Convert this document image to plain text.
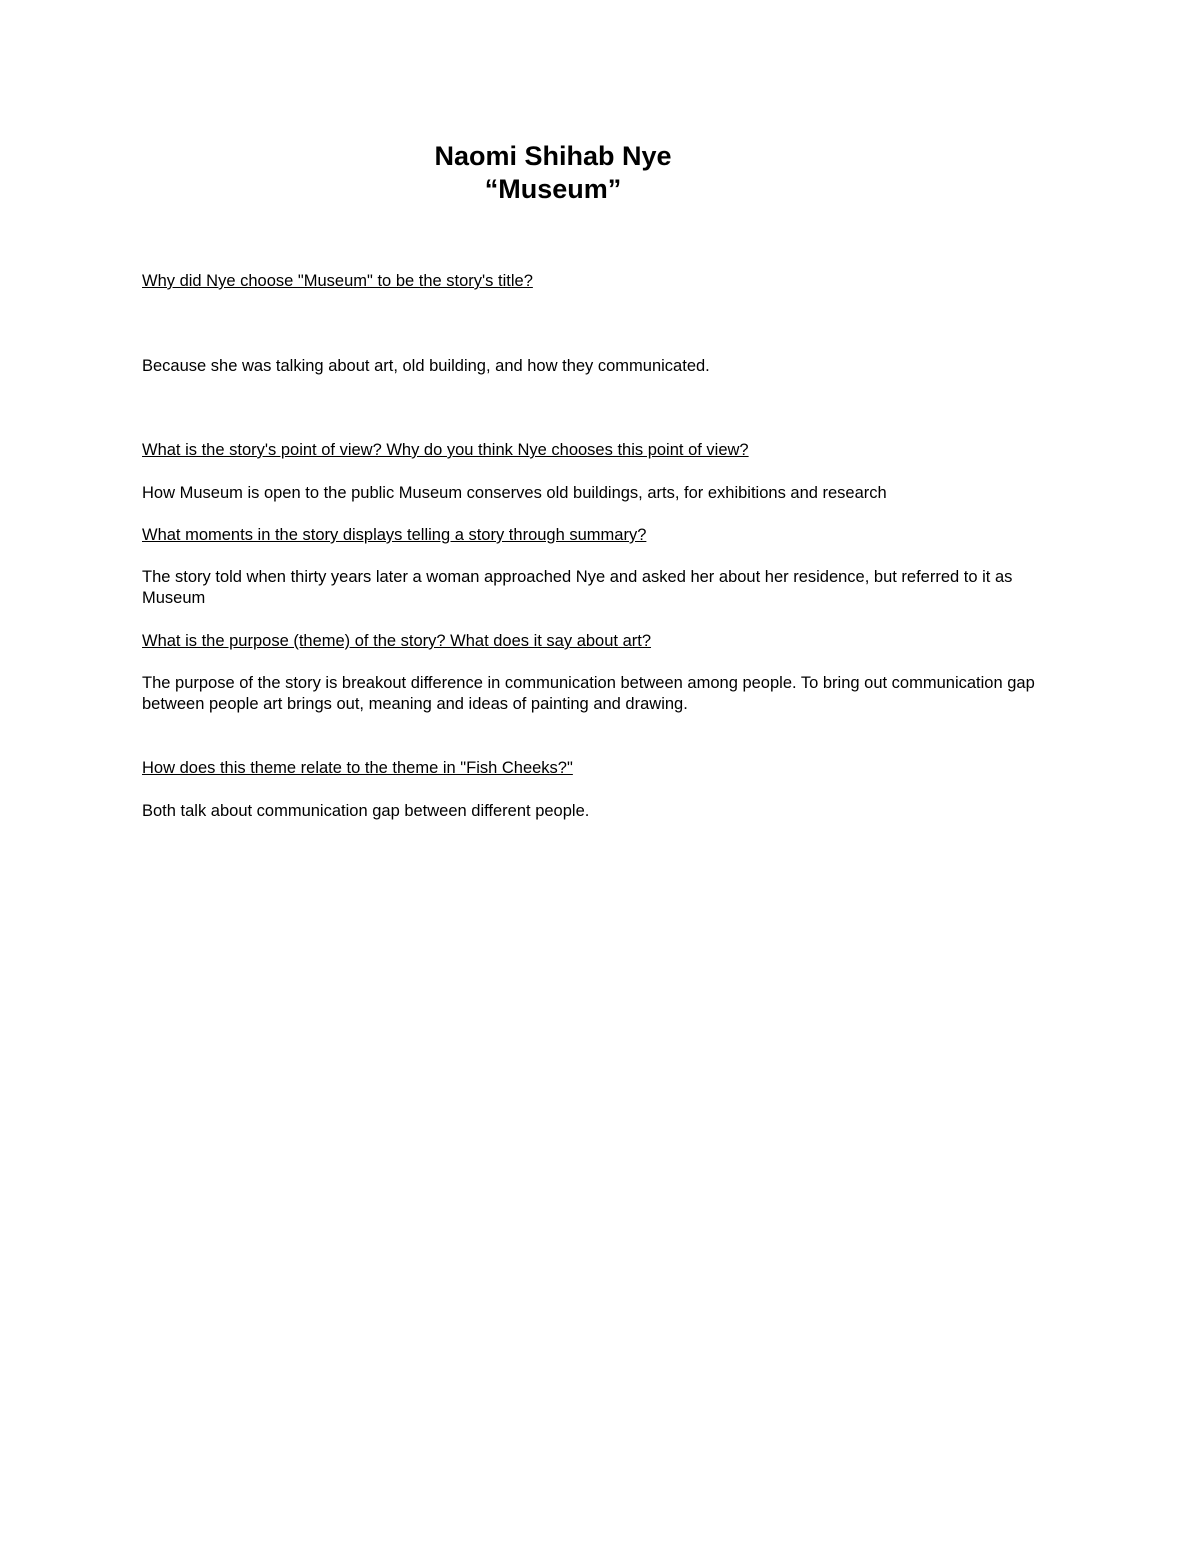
Naomi Shihab Nye

“Museum”

Why did Nye choose "Museum" to be the story's title?

Because she was talking about art, old building, and how they communicated.

What is the story's point of view? Why do you think Nye chooses this point of view?

How Museum is open to the public Museum conserves old buildings, arts, for exhibitions and research

What moments in the story displays telling a story through summary?

The story told when thirty years later a woman approached Nye and asked her about her residence, but referred to it as Museum

What is the purpose (theme) of the story? What does it say about art?

The purpose of the story is breakout difference in communication between among people. To bring out communication gap between people art brings out, meaning and ideas of painting and drawing.

How does this theme relate to the theme in "Fish Cheeks?"

Both talk about communication gap between different people.
